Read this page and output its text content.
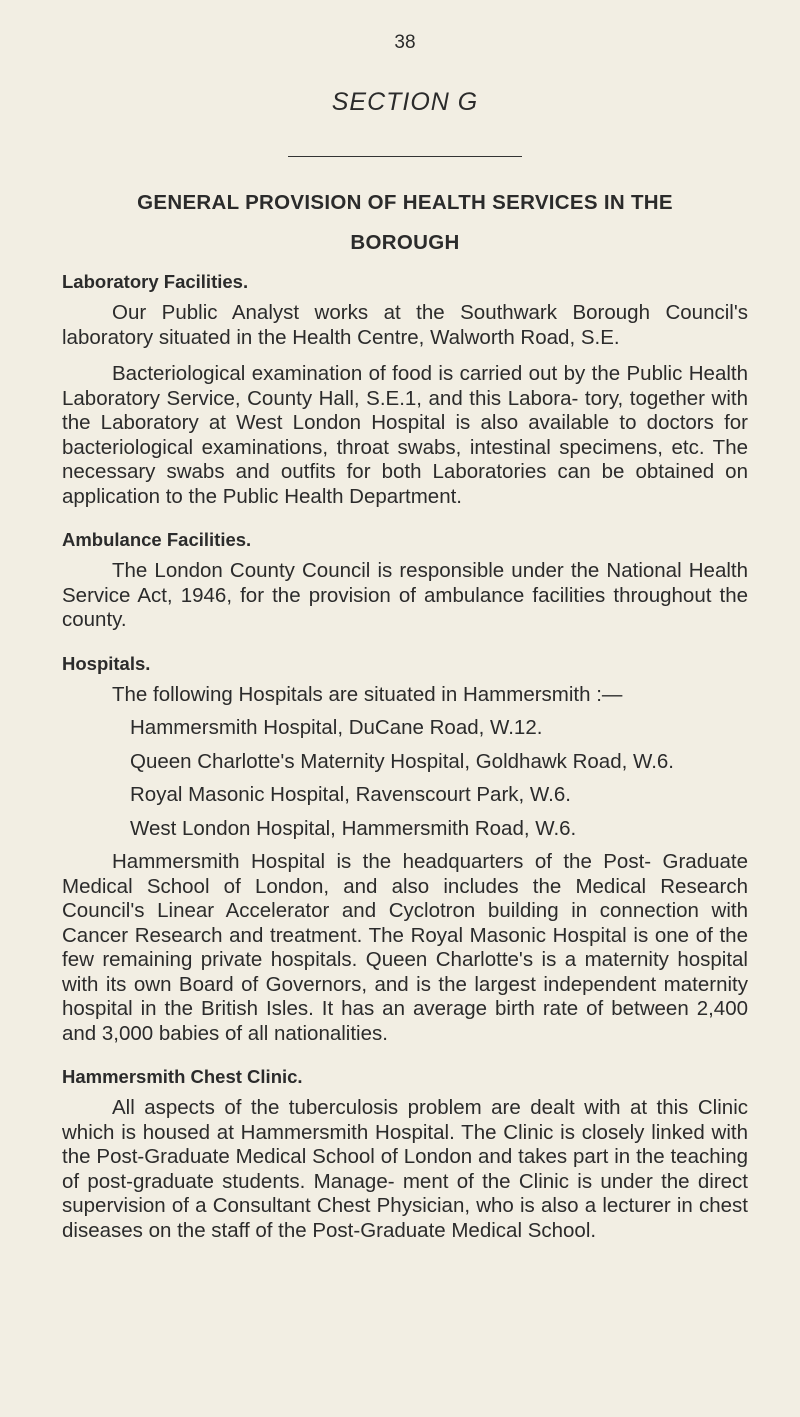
38
SECTION G
GENERAL PROVISION OF HEALTH SERVICES IN THE
BOROUGH
Laboratory Facilities.

Our Public Analyst works at the Southwark Borough Council's laboratory situated in the Health Centre, Walworth Road, S.E.

Bacteriological examination of food is carried out by the Public Health Laboratory Service, County Hall, S.E.1, and this Labora- tory, together with the Laboratory at West London Hospital is also available to doctors for bacteriological examinations, throat swabs, intestinal specimens, etc. The necessary swabs and outfits for both Laboratories can be obtained on application to the Public Health Department.

Ambulance Facilities.

The London County Council is responsible under the National Health Service Act, 1946, for the provision of ambulance facilities throughout the county.

Hospitals.

The following Hospitals are situated in Hammersmith :—

Hammersmith Hospital, DuCane Road, W.12.
Queen Charlotte's Maternity Hospital, Goldhawk Road, W.6.
Royal Masonic Hospital, Ravenscourt Park, W.6.
West London Hospital, Hammersmith Road, W.6.

Hammersmith Hospital is the headquarters of the Post- Graduate Medical School of London, and also includes the Medical Research Council's Linear Accelerator and Cyclotron building in connection with Cancer Research and treatment. The Royal Masonic Hospital is one of the few remaining private hospitals. Queen Charlotte's is a maternity hospital with its own Board of Governors, and is the largest independent maternity hospital in the British Isles. It has an average birth rate of between 2,400 and 3,000 babies of all nationalities.

Hammersmith Chest Clinic.

All aspects of the tuberculosis problem are dealt with at this Clinic which is housed at Hammersmith Hospital. The Clinic is closely linked with the Post-Graduate Medical School of London and takes part in the teaching of post-graduate students. Manage- ment of the Clinic is under the direct supervision of a Consultant Chest Physician, who is also a lecturer in chest diseases on the staff of the Post-Graduate Medical School.
